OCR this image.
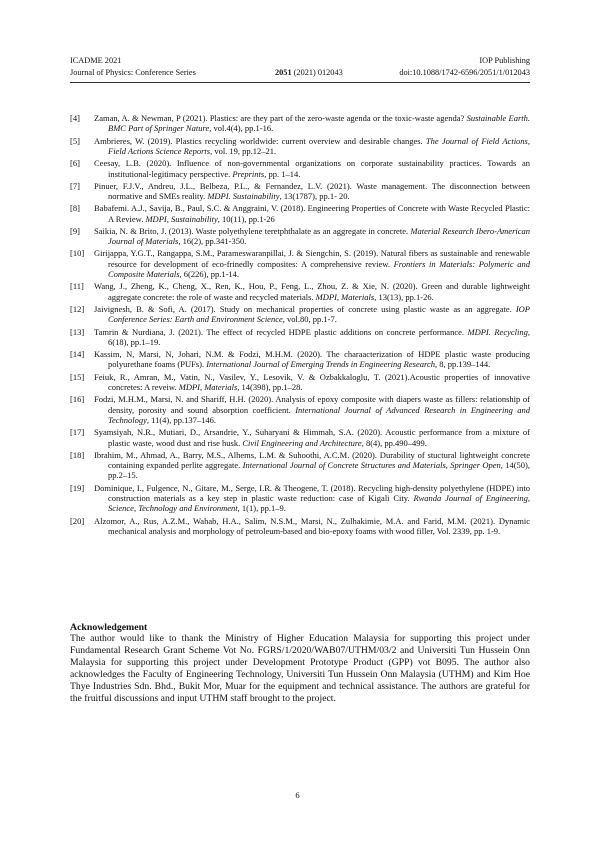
ICADME 2021	IOP Publishing
Journal of Physics: Conference Series	2051 (2021) 012043	doi:10.1088/1742-6596/2051/1/012043
[4] Zaman, A. & Newman, P (2021). Plastics: are they part of the zero-waste agenda or the toxic-waste agenda? Sustainable Earth. BMC Part of Springer Nature, vol.4(4), pp.1-16.
[5] Ambrieres, W. (2019). Plastics recycling worldwide: current overview and desirable changes. The Journal of Field Actions, Field Actions Science Reports, vol. 19, pp.12–21.
[6] Ceesay, L.B. (2020). Influence of non-governmental organizations on corporate sustainability practices. Towards an institutional-legitimacy perspective. Preprints, pp. 1–14.
[7] Pinuer, F.J.V., Andreu, J.L., Belbeza, P.L., & Fernandez, L.V. (2021). Waste management. The disconnection between normative and SMEs reality. MDPI. Sustainability, 13(1787), pp.1- 20.
[8] Babafemi. A.J., Savija, B., Paul, S.C. & Anggraini, V. (2018). Engineering Properties of Concrete with Waste Recycled Plastic: A Review. MDPI, Sustainability, 10(11), pp.1-26
[9] Saikia, N. & Brito, J. (2013). Waste polyethylene teretphthalate as an aggregate in concrete. Material Research Ibero-American Journal of Materials, 16(2), pp.341-350.
[10] Girijappa, Y.G.T., Rangappa, S.M., Parameswaranpillai, J. & Siengchin, S. (2019). Natural fibers as sustainable and renewable resource for development of eco-frinedly composites: A comprehensive review. Frontiers in Materials: Polymeric and Composite Materials, 6(226), pp.1-14.
[11] Wang, J., Zheng, K., Cheng, X., Ren, K., Hou, P., Feng, L., Zhou, Z. & Xie, N. (2020). Green and durable lightweight aggregate concrete: the role of waste and recycled materials. MDPI, Materials, 13(13), pp.1-26.
[12] Jaivignesh, B. & Sofi, A. (2017). Study on mechanical properties of concrete using plastic waste as an aggregate. IOP Conference Series: Earth and Environment Science, vol.80, pp.1-7.
[13] Tamrin & Nurdiana, J. (2021). The effect of recycled HDPE plastic additions on concrete performance. MDPI. Recycling, 6(18), pp.1–19.
[14] Kassim, N, Marsi, N, Johari, N.M. & Fodzi, M.H.M. (2020). The charaacterization of HDPE plastic waste producing polyurethane foams (PUFs). International Journal of Emerging Trends in Engineering Research, 8, pp.139–144.
[15] Feiuk, R., Amran, M., Vatin, N., Vasilev, Y., Lesovik, V. & Ozbakkaloglu, T. (2021).Acoustic properties of innovative concretes: A reveiw. MDPI, Materials, 14(398), pp.1–28.
[16] Fodzi, M.H.M., Marsi, N. and Shariff, H.H. (2020). Analysis of epoxy composite with diapers waste as fillers: relationship of density, porosity and sound absorption coefficient. International Journal of Advanced Research in Engineering and Technology, 11(4), pp.137–146.
[17] Syamsiyah, N.R., Mutiari, D., Arsandrie, Y., Suharyani & Himmah, S.A. (2020). Acoustic performance from a mixture of plastic waste, wood dust and rise husk. Civil Engineering and Architecture, 8(4), pp.490–499.
[18] Ibrahim, M., Ahmad, A., Barry, M.S., Alhems, L.M. & Suhoothi, A.C.M. (2020). Durability of stuctural lightweight concrete containing expanded perlite aggregate. International Journal of Concrete Structures and Materials, Springer Open, 14(50), pp.2–15.
[19] Dominique, I., Fulgence, N., Gitare, M., Serge, I.R. & Theogene, T. (2018). Recycling high-density polyethylene (HDPE) into construction materials as a key step in plastic waste reduction: case of Kigali City. Rwanda Journal of Engineering, Science, Technology and Environment, 1(1), pp.1–9.
[20] Alzomor, A., Rus, A.Z.M., Wahab, H.A., Salim, N.S.M., Marsi, N., Zulhakimie, M.A. and Farid, M.M. (2021). Dynamic mechanical analysis and morphology of petroleum-based and bio-epoxy foams with wood filler, Vol. 2339, pp. 1-9.
Acknowledgement

The author would like to thank the Ministry of Higher Education Malaysia for supporting this project under Fundamental Research Grant Scheme Vot No. FGRS/1/2020/WAB07/UTHM/03/2 and Universiti Tun Hussein Onn Malaysia for supporting this project under Development Prototype Product (GPP) vot B095. The author also acknowledges the Faculty of Engineering Technology, Universiti Tun Hussein Onn Malaysia (UTHM) and Kim Hoe Thye Industries Sdn. Bhd., Bukit Mor, Muar for the equipment and technical assistance. The authors are grateful for the fruitful discussions and input UTHM staff brought to the project.

6
